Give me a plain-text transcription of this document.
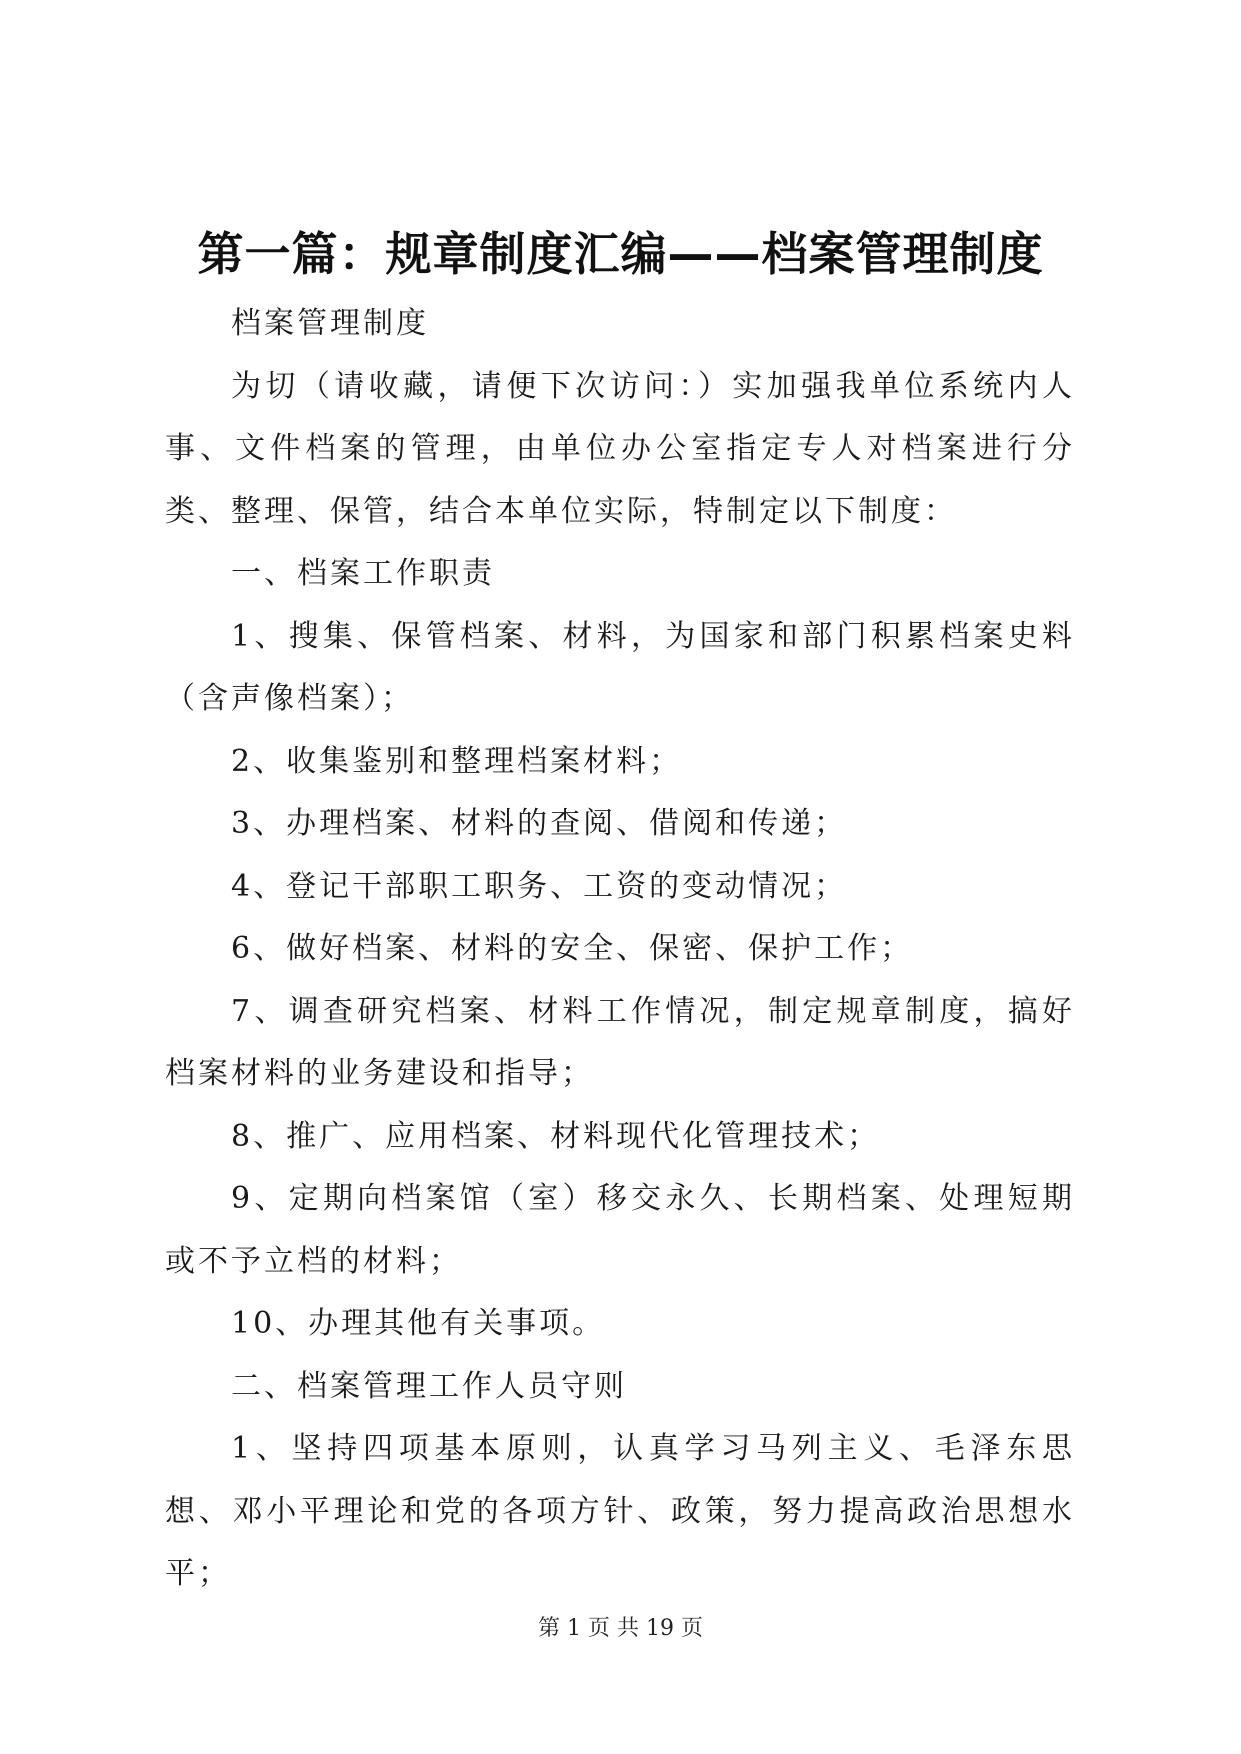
第一篇：规章制度汇编——档案管理制度

档案管理制度

为切（请收藏，请便下次访问：）实加强我单位系统内人事、文件档案的管理，由单位办公室指定专人对档案进行分类、整理、保管，结合本单位实际，特制定以下制度：

一、档案工作职责

1、搜集、保管档案、材料，为国家和部门积累档案史料（含声像档案）；

2、收集鉴别和整理档案材料；

3、办理档案、材料的查阅、借阅和传递；

4、登记干部职工职务、工资的变动情况；

6、做好档案、材料的安全、保密、保护工作；

7、调查研究档案、材料工作情况，制定规章制度，搞好档案材料的业务建设和指导；

8、推广、应用档案、材料现代化管理技术；

9、定期向档案馆（室）移交永久、长期档案、处理短期或不予立档的材料；

10、办理其他有关事项。

二、档案管理工作人员守则

1、坚持四项基本原则，认真学习马列主义、毛泽东思想、邓小平理论和党的各项方针、政策，努力提高政治思想水平；

第 1 页 共 19 页
